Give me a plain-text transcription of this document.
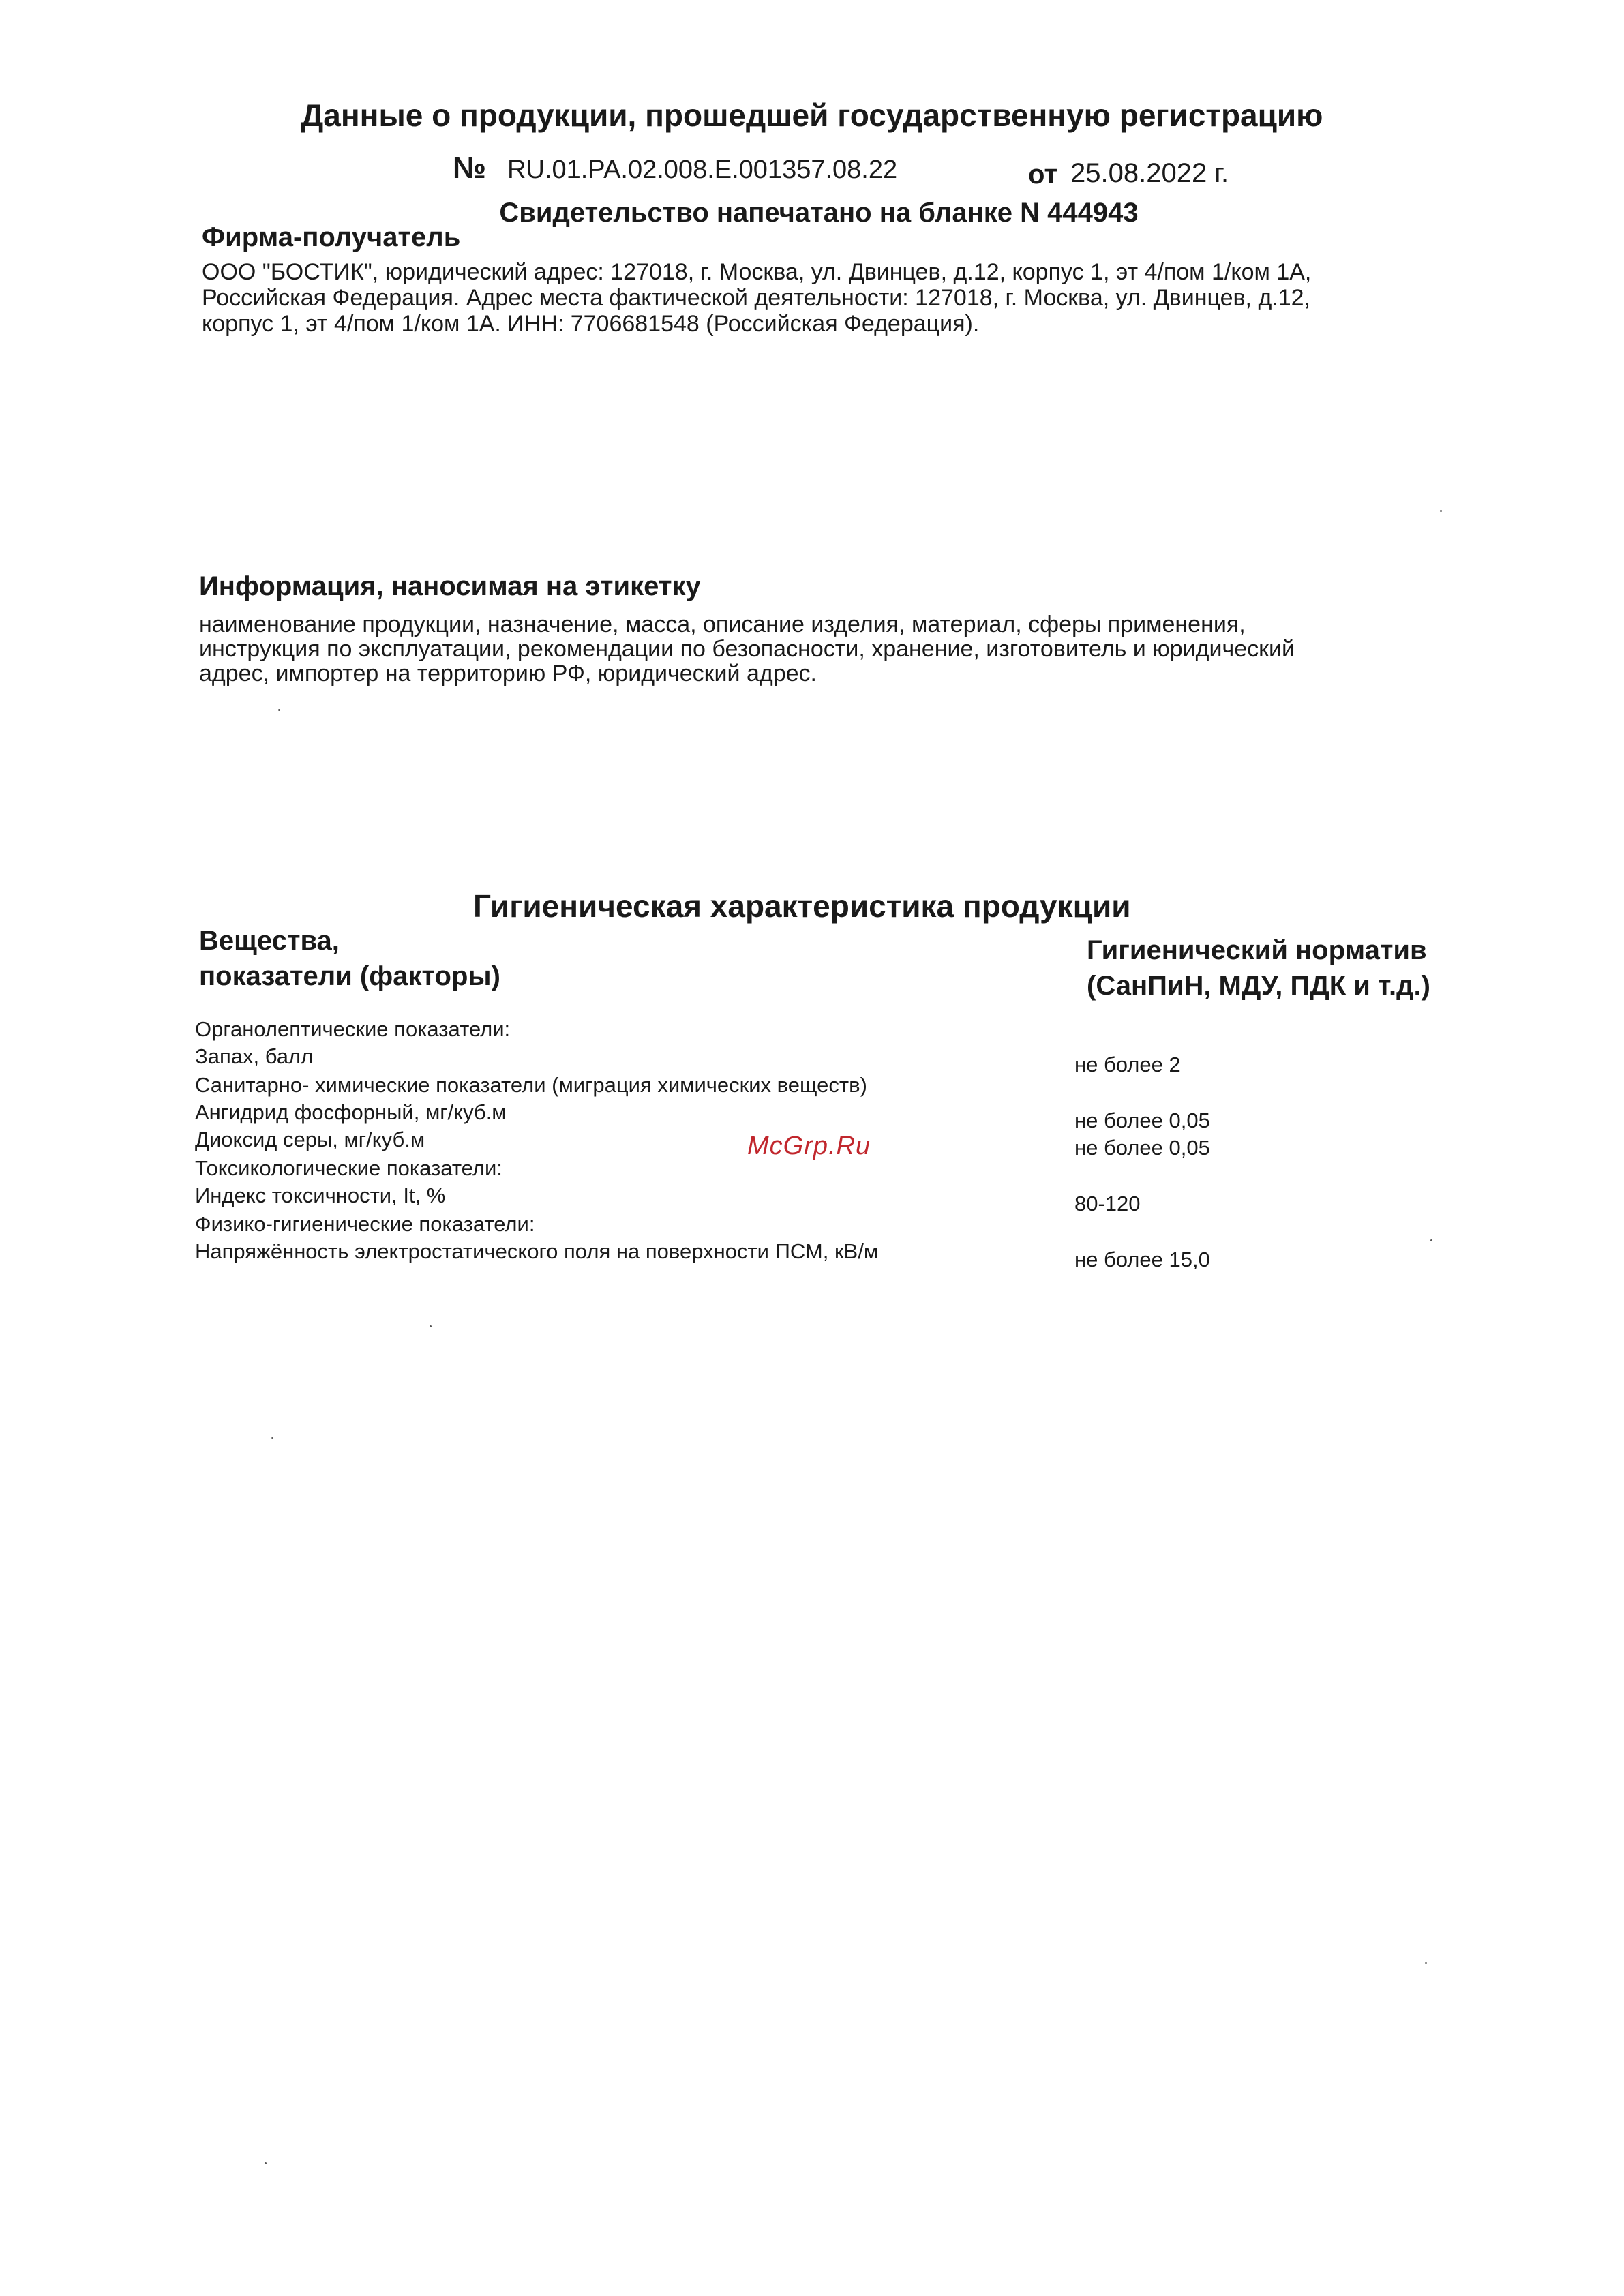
Данные о продукции, прошедшей государственную регистрацию
№ RU.01.РА.02.008.Е.001357.08.22	от 25.08.2022 г.
Свидетельство напечатано на бланке N 444943
Фирма-получатель
ООО "БОСТИК", юридический адрес: 127018, г. Москва, ул. Двинцев, д.12, корпус 1, эт 4/пом 1/ком 1А,
Российская Федерация. Адрес места фактической деятельности: 127018, г. Москва, ул. Двинцев, д.12,
корпус 1, эт 4/пом 1/ком 1А. ИНН: 7706681548 (Российская Федерация).
Информация, наносимая на этикетку
наименование продукции, назначение, масса, описание изделия, материал, сферы применения,
инструкция по эксплуатации, рекомендации по безопасности, хранение, изготовитель и юридический
адрес, импортер на территорию РФ, юридический адрес.
Гигиеническая характеристика продукции
Вещества,
показатели (факторы)
Гигиенический норматив
(СанПиН, МДУ, ПДК и т.д.)
Органолептические показатели:
Запах, балл	не более 2
Санитарно- химические показатели (миграция химических веществ)
Ангидрид фосфорный, мг/куб.м	не более 0,05
Диоксид серы, мг/куб.м	не более 0,05
Токсикологические показатели:
Индекс токсичности, It, %	80-120
Физико-гигиенические показатели:
Напряжённость электростатического поля на поверхности ПСМ, кВ/м	не более 15,0
McGrp.Ru
